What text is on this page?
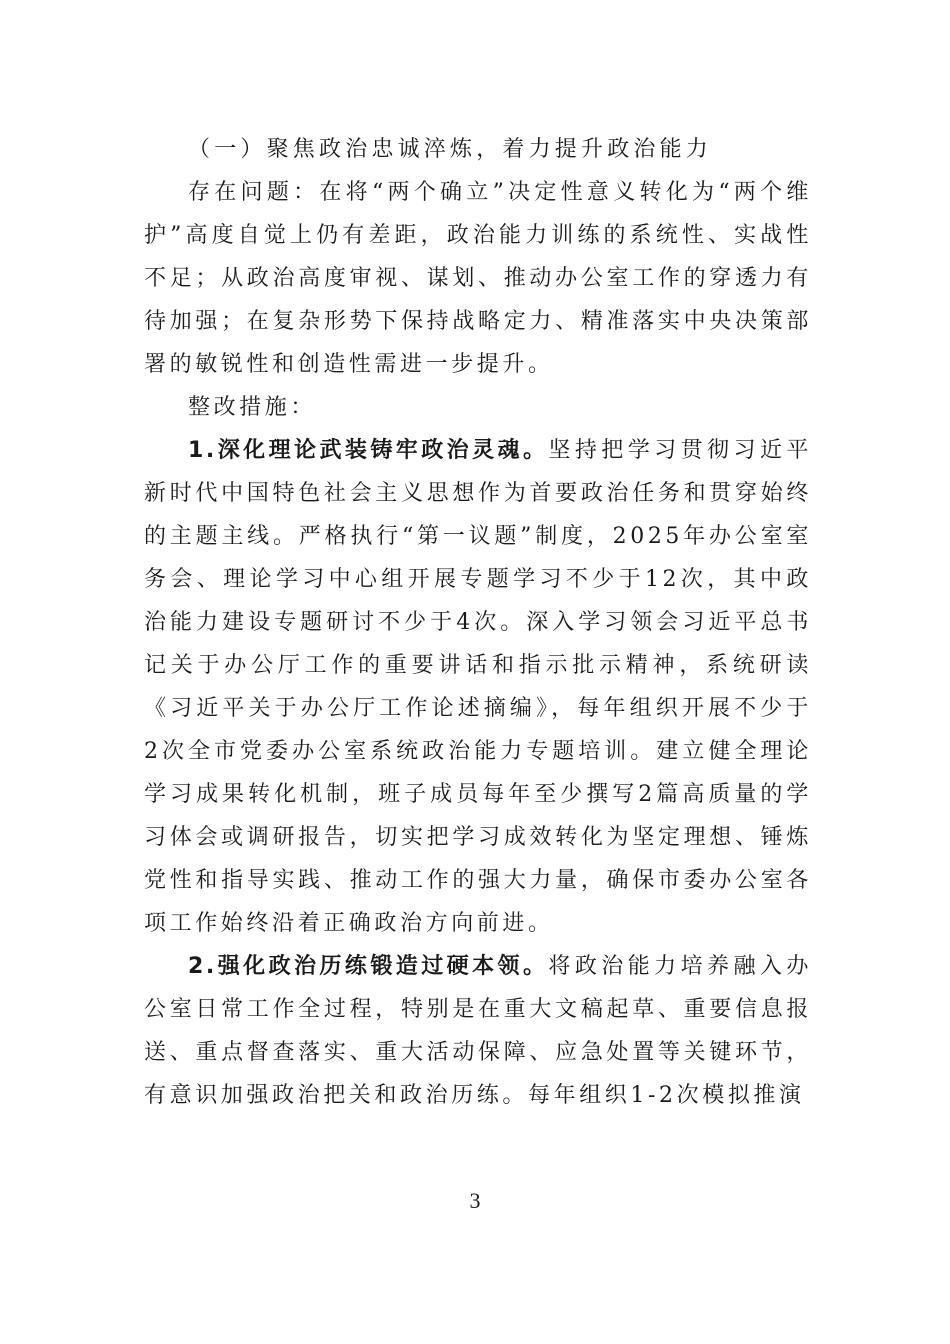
（一）聚焦政治忠诚淬炼，着力提升政治能力

存在问题：在将“两个确立”决定性意义转化为“两个维护”高度自觉上仍有差距，政治能力训练的系统性、实战性不足；从政治高度审视、谋划、推动办公室工作的穿透力有待加强；在复杂形势下保持战略定力、精准落实中央决策部署的敏锐性和创造性需进一步提升。

整改措施：

1.深化理论武装铸牢政治灵魂。坚持把学习贯彻习近平新时代中国特色社会主义思想作为首要政治任务和贯穿始终的主题主线。严格执行“第一议题”制度，2025年办公室室务会、理论学习中心组开展专题学习不少于12次，其中政治能力建设专题研讨不少于4次。深入学习领会习近平总书记关于办公厅工作的重要讲话和指示批示精神，系统研读《习近平关于办公厅工作论述摘编》，每年组织开展不少于2次全市党委办公室系统政治能力专题培训。建立健全理论学习成果转化机制，班子成员每年至少撰写2篇高质量的学习体会或调研报告，切实把学习成效转化为坚定理想、锤炼党性和指导实践、推动工作的强大力量，确保市委办公室各项工作始终沿着正确政治方向前进。

2.强化政治历练锻造过硬本领。将政治能力培养融入办公室日常工作全过程，特别是在重大文稿起草、重要信息报送、重点督查落实、重大活动保障、应急处置等关键环节，有意识加强政治把关和政治历练。每年组织1-2次模拟推演

3
